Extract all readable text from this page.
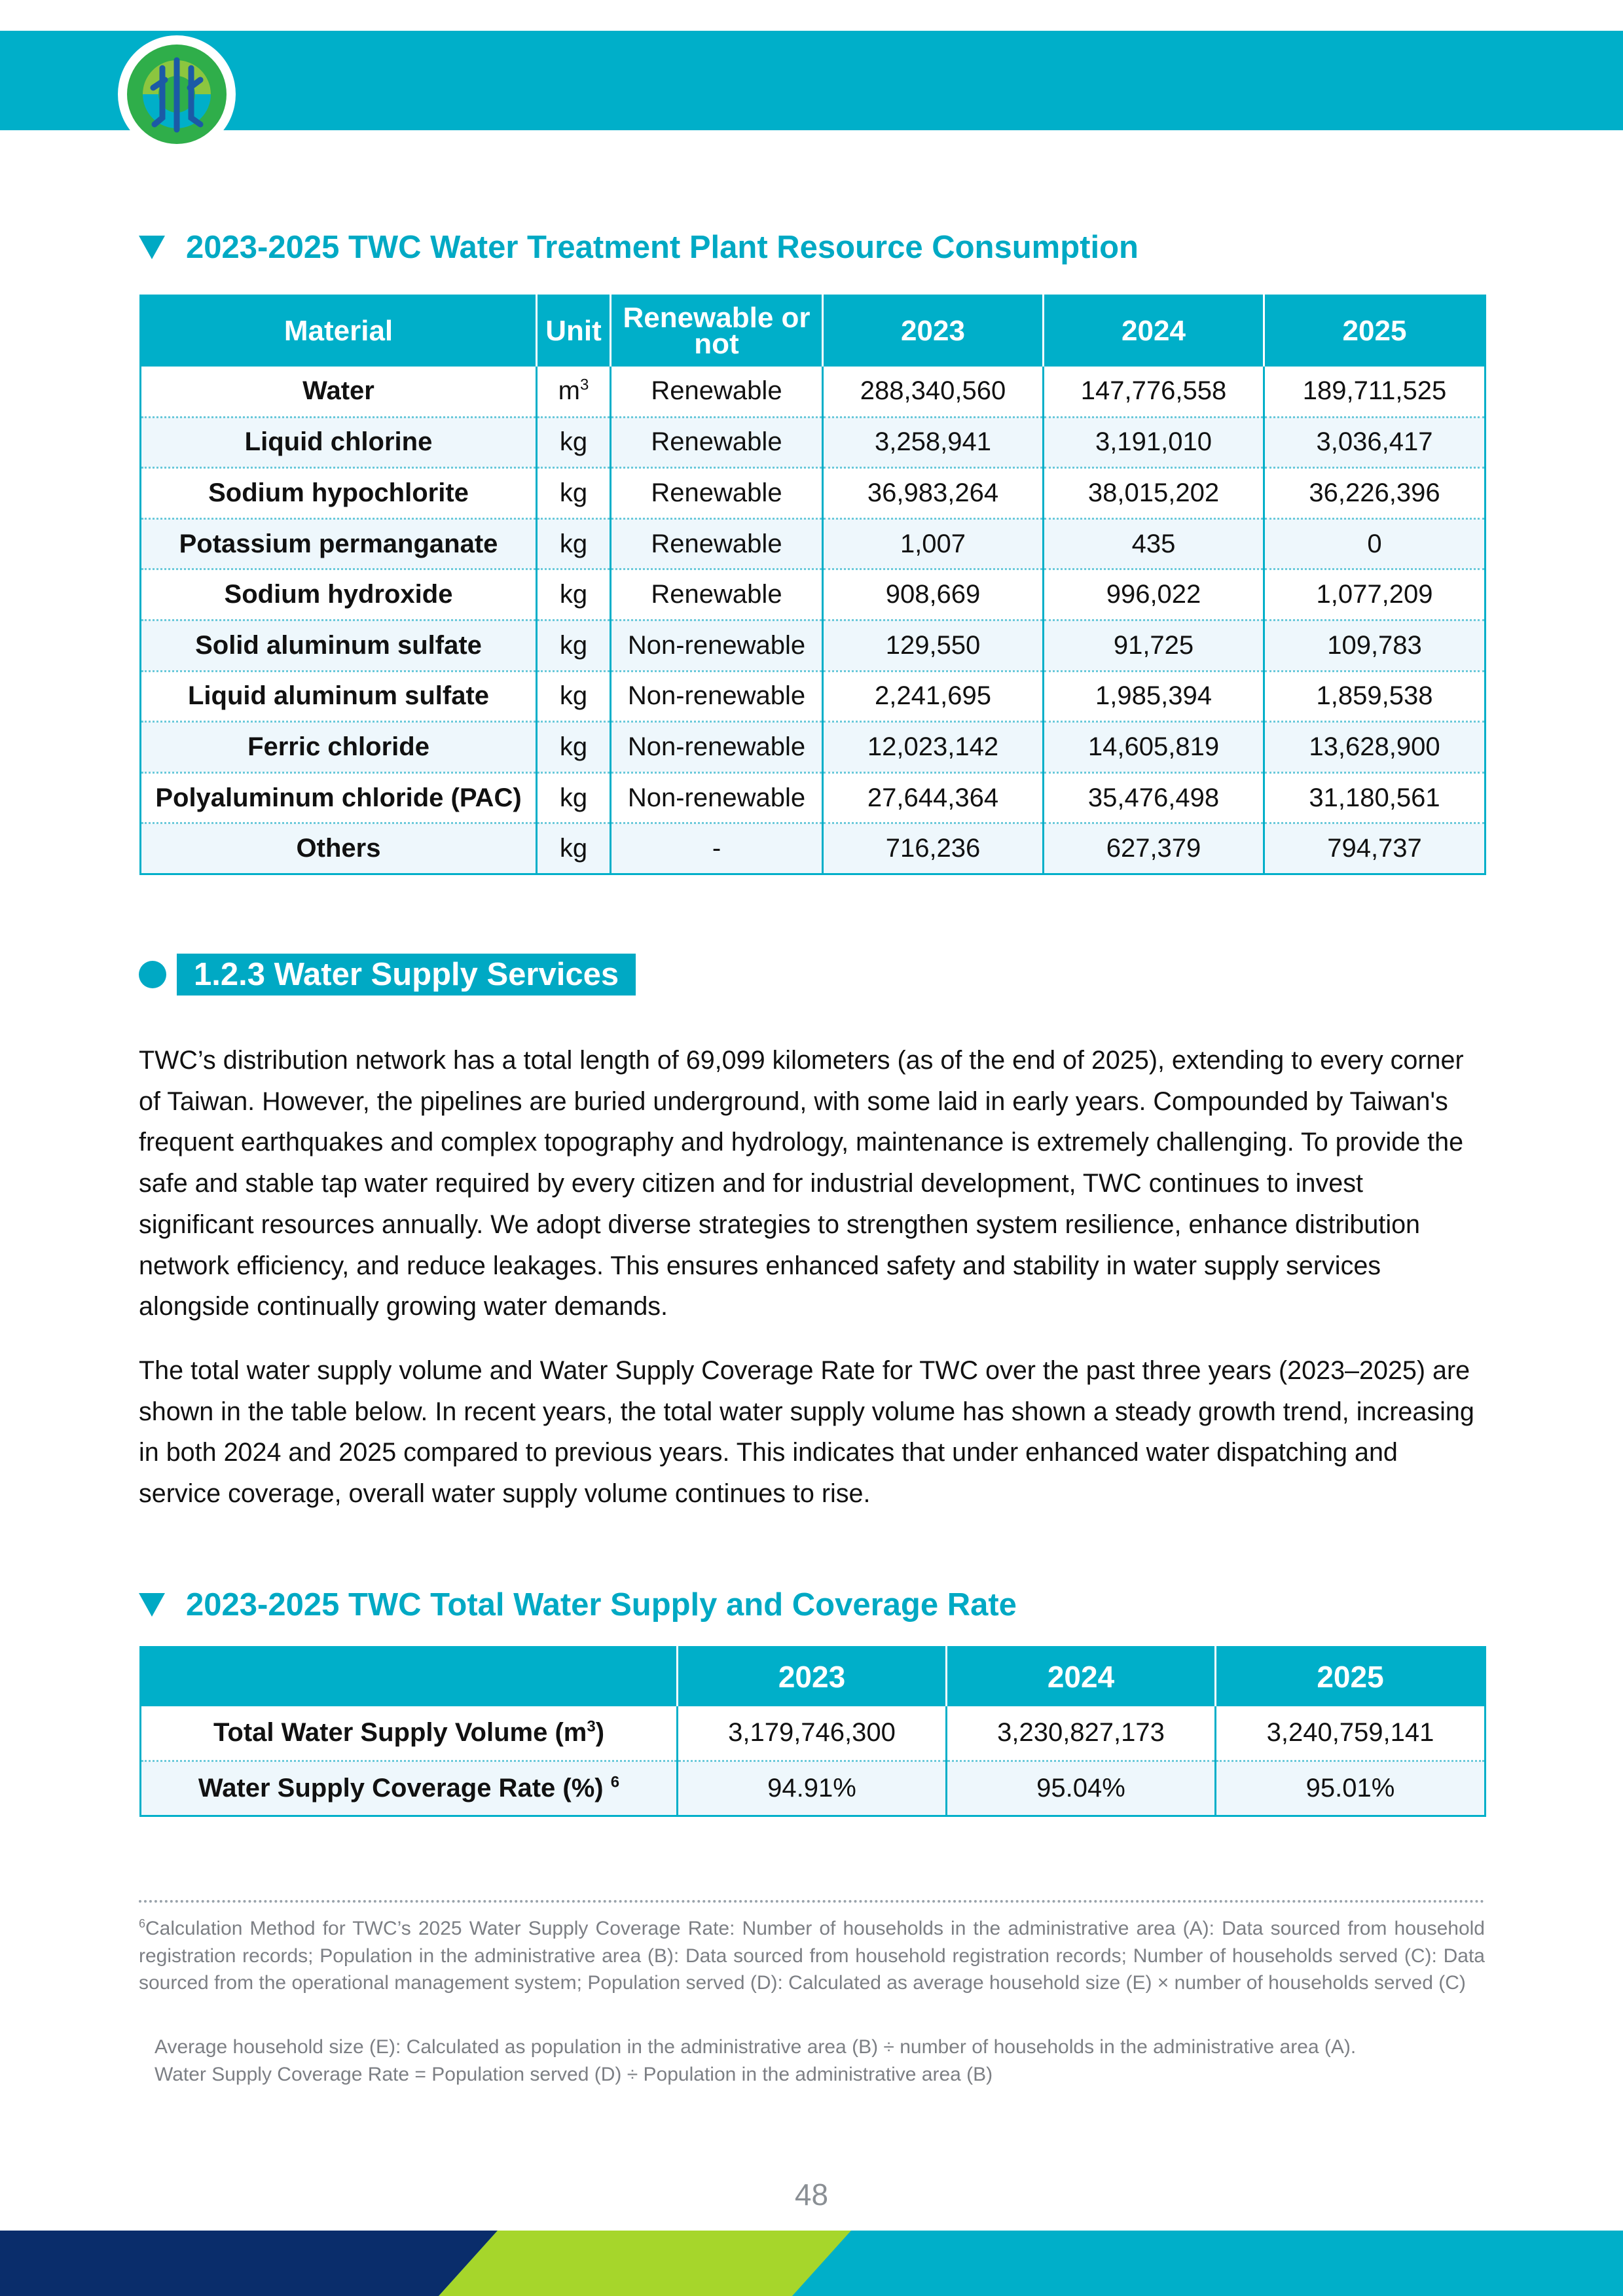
2023-2025 TWC Water Treatment Plant Resource Consumption
Material	Unit	Renewable or not	2023	2024	2025
Water	$m^3$	Renewable	288,340,560	147,776,558	189,711,525
Liquid chlorine	kg	Renewable	3,258,941	3,191,010	3,036,417
Sodium hypochlorite	kg	Renewable	36,983,264	38,015,202	36,226,396
Potassium permanganate	kg	Renewable	1,007	435	0
Sodium hydroxide	kg	Renewable	908,669	996,022	1,077,209
Solid aluminum sulfate	kg	Non-renewable	129,550	91,725	109,783
Liquid aluminum sulfate	kg	Non-renewable	2,241,695	1,985,394	1,859,538
Ferric chloride	kg	Non-renewable	12,023,142	14,605,819	13,628,900
Polyaluminum chloride (PAC)	kg	Non-renewable	27,644,364	35,476,498	31,180,561
Others	kg	-	716,236	627,379	794,737
1.2.3 Water Supply Services

TWC’s distribution network has a total length of 69,099 kilometers (as of the end of 2025), extending to every corner of Taiwan. However, the pipelines are buried underground, with some laid in early years. Compounded by Taiwan's frequent earthquakes and complex topography and hydrology, maintenance is extremely challenging. To provide the safe and stable tap water required by every citizen and for industrial development, TWC continues to invest significant resources annually. We adopt diverse strategies to strengthen system resilience, enhance distribution network efficiency, and reduce leakages. This ensures enhanced safety and stability in water supply services alongside continually growing water demands.

The total water supply volume and Water Supply Coverage Rate for TWC over the past three years (2023–2025) are shown in the table below. In recent years, the total water supply volume has shown a steady growth trend, increasing in both 2024 and 2025 compared to previous years. This indicates that under enhanced water dispatching and service coverage, overall water supply volume continues to rise.

2023-2025 TWC Total Water Supply and Coverage Rate
	2023	2024	2025
Total Water Supply Volume $(m^3)$	3,179,746,300	3,230,827,173	3,240,759,141
Water Supply Coverage Rate (%) $^6$	94.91%	95.04%	95.01%
$^6$Calculation Method for TWC’s 2025 Water Supply Coverage Rate: Number of households in the administrative area (A): Data sourced from household registration records; Population in the administrative area (B): Data sourced from household registration records; Number of households served (C): Data sourced from the operational management system; Population served (D): Calculated as average household size (E) × number of households served (C)
Average household size (E): Calculated as population in the administrative area (B) ÷ number of households in the administrative area (A).
Water Supply Coverage Rate = Population served (D) ÷ Population in the administrative area (B)
48
